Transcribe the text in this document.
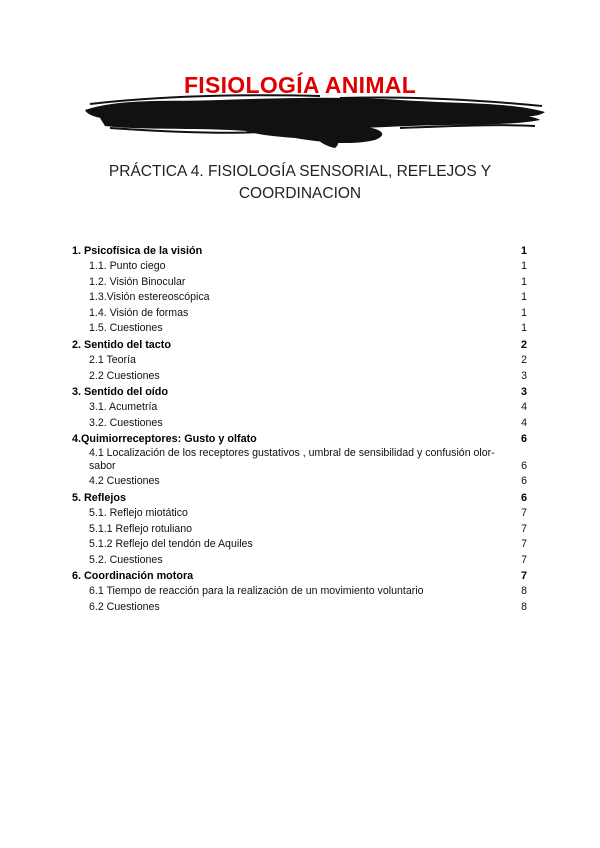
FISIOLOGÍA ANIMAL
PRÁCTICA 4. FISIOLOGÍA SENSORIAL, REFLEJOS Y COORDINACION
1. Psicofísica de la visión	1
1.1. Punto ciego	1
1.2. Visión Binocular	1
1.3.Visión estereoscópica	1
1.4. Visión de formas	1
1.5. Cuestiones	1
2. Sentido del tacto	2
2.1 Teoría	2
2.2 Cuestiones	3
3. Sentido del oído	3
3.1. Acumetría	4
3.2. Cuestiones	4
4.Quimiorreceptores: Gusto y olfato	6
4.1 Localización de los receptores gustativos , umbral de sensibilidad y confusión olor-sabor	6
4.2 Cuestiones	6
5. Reflejos	6
5.1. Reflejo miotático	7
5.1.1 Reflejo rotuliano	7
5.1.2 Reflejo del tendón de Aquiles	7
5.2. Cuestiones	7
6. Coordinación motora	7
6.1 Tiempo de reacción para la realización de un movimiento voluntario	8
6.2 Cuestiones	8
